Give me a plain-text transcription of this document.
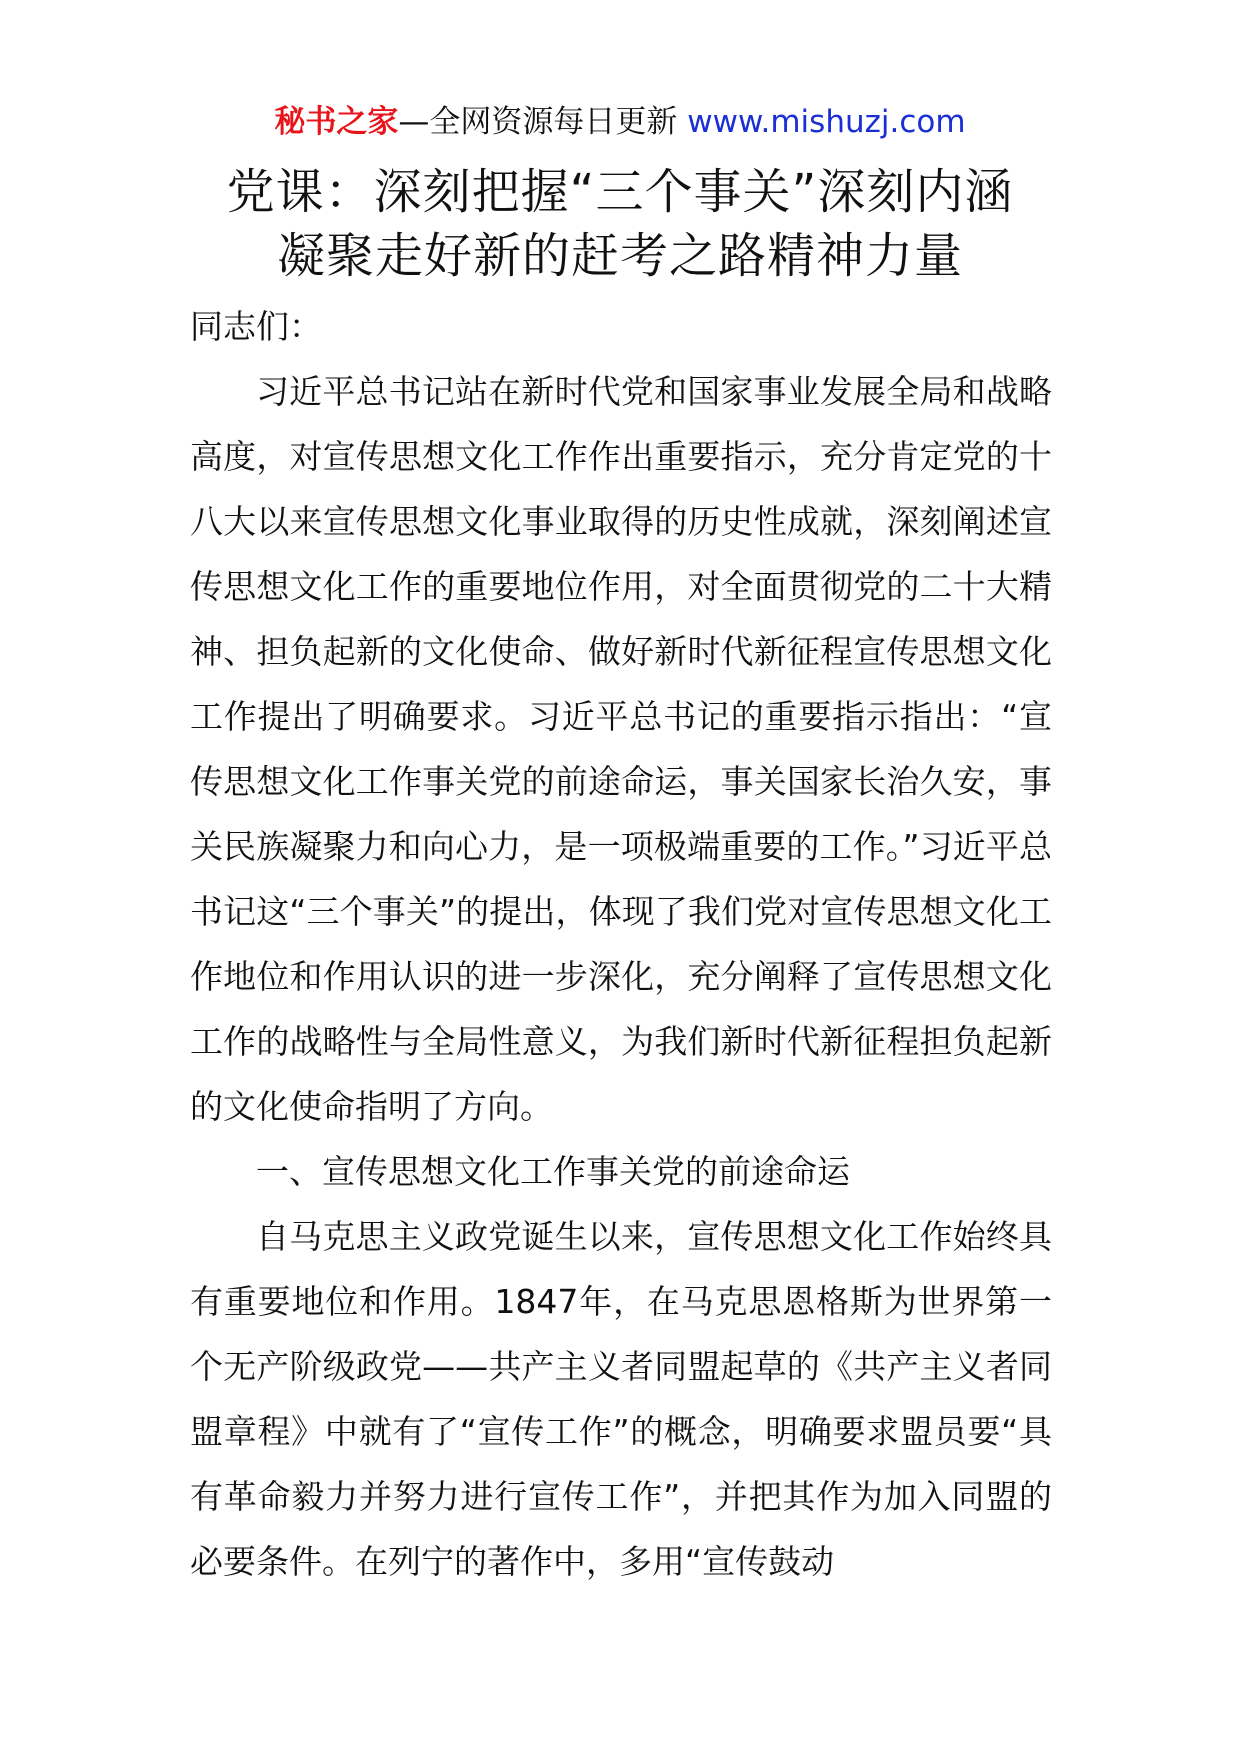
秘书之家—全网资源每日更新 www.mishuzj.com
党课：深刻把握“三个事关”深刻内涵
凝聚走好新的赶考之路精神力量

同志们：

习近平总书记站在新时代党和国家事业发展全局和战略高度，对宣传思想文化工作作出重要指示，充分肯定党的十八大以来宣传思想文化事业取得的历史性成就，深刻阐述宣传思想文化工作的重要地位作用，对全面贯彻党的二十大精神、担负起新的文化使命、做好新时代新征程宣传思想文化工作提出了明确要求。习近平总书记的重要指示指出：“宣传思想文化工作事关党的前途命运，事关国家长治久安，事关民族凝聚力和向心力，是一项极端重要的工作。”习近平总书记这“三个事关”的提出，体现了我们党对宣传思想文化工作地位和作用认识的进一步深化，充分阐释了宣传思想文化工作的战略性与全局性意义，为我们新时代新征程担负起新的文化使命指明了方向。

一、宣传思想文化工作事关党的前途命运

自马克思主义政党诞生以来，宣传思想文化工作始终具有重要地位和作用。1847年，在马克思恩格斯为世界第一个无产阶级政党——共产主义者同盟起草的《共产主义者同盟章程》中就有了“宣传工作”的概念，明确要求盟员要“具有革命毅力并努力进行宣传工作”，并把其作为加入同盟的必要条件。在列宁的著作中，多用“宣传鼓动
